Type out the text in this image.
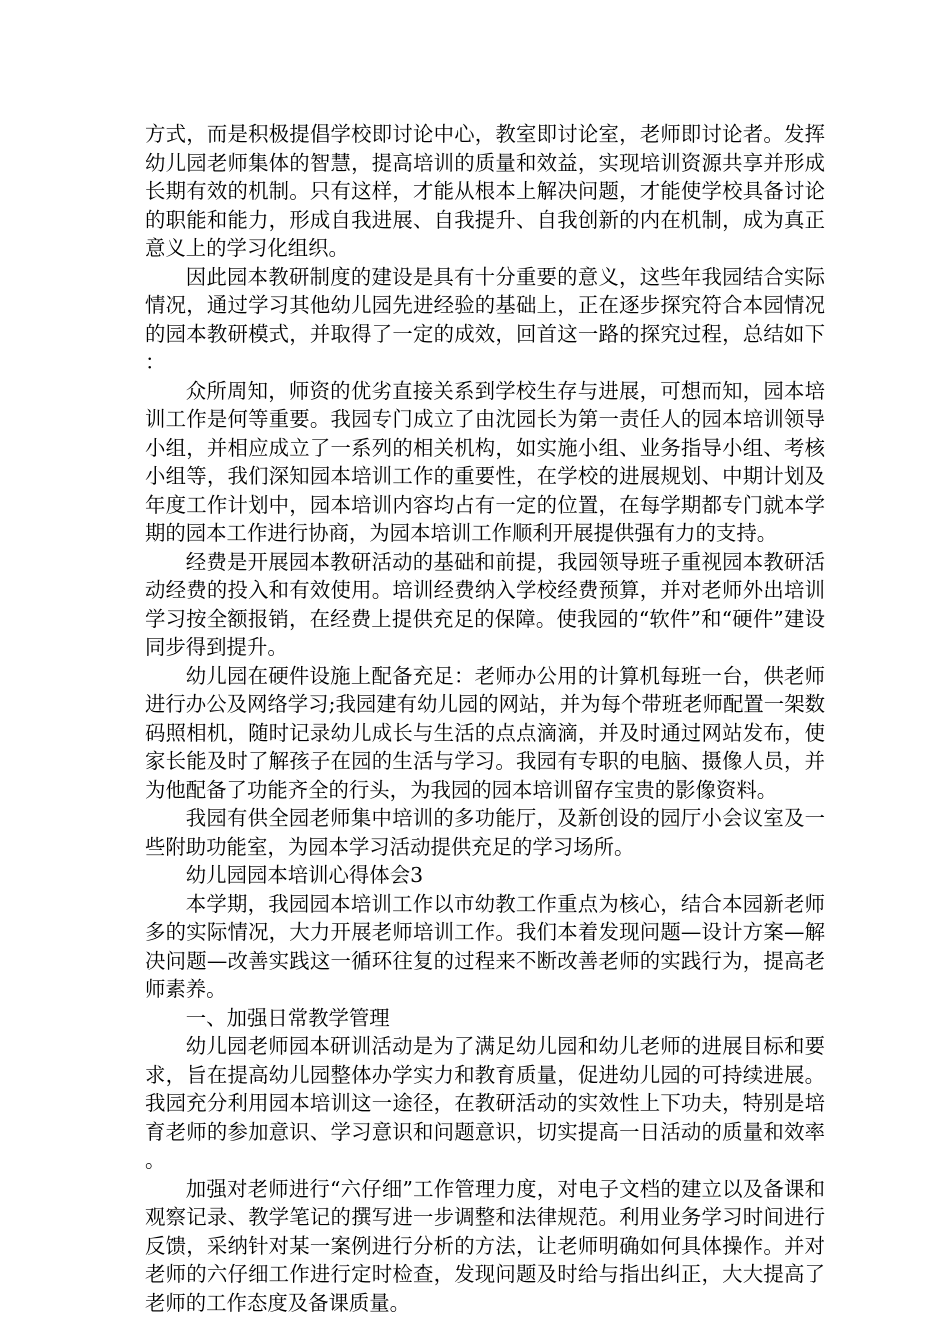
方式，而是积极提倡学校即讨论中心，教室即讨论室，老师即讨论者。发挥幼儿园老师集体的智慧，提高培训的质量和效益，实现培训资源共享并形成长期有效的机制。只有这样，才能从根本上解决问题，才能使学校具备讨论的职能和能力，形成自我进展、自我提升、自我创新的内在机制，成为真正意义上的学习化组织。

因此园本教研制度的建设是具有十分重要的意义，这些年我园结合实际情况，通过学习其他幼儿园先进经验的基础上，正在逐步探究符合本园情况的园本教研模式，并取得了一定的成效，回首这一路的探究过程，总结如下：

众所周知，师资的优劣直接关系到学校生存与进展，可想而知，园本培训工作是何等重要。我园专门成立了由沈园长为第一责任人的园本培训领导小组，并相应成立了一系列的相关机构，如实施小组、业务指导小组、考核小组等，我们深知园本培训工作的重要性，在学校的进展规划、中期计划及年度工作计划中，园本培训内容均占有一定的位置，在每学期都专门就本学期的园本工作进行协商，为园本培训工作顺利开展提供强有力的支持。

经费是开展园本教研活动的基础和前提，我园领导班子重视园本教研活动经费的投入和有效使用。培训经费纳入学校经费预算，并对老师外出培训学习按全额报销，在经费上提供充足的保障。使我园的“软件”和“硬件”建设同步得到提升。

幼儿园在硬件设施上配备充足：老师办公用的计算机每班一台，供老师进行办公及网络学习;我园建有幼儿园的网站，并为每个带班老师配置一架数码照相机，随时记录幼儿成长与生活的点点滴滴，并及时通过网站发布，使家长能及时了解孩子在园的生活与学习。我园有专职的电脑、摄像人员，并为他配备了功能齐全的行头，为我园的园本培训留存宝贵的影像资料。

我园有供全园老师集中培训的多功能厅，及新创设的园厅小会议室及一些附助功能室，为园本学习活动提供充足的学习场所。

幼儿园园本培训心得体会3

本学期，我园园本培训工作以市幼教工作重点为核心，结合本园新老师多的实际情况，大力开展老师培训工作。我们本着发现问题—设计方案—解决问题—改善实践这一循环往复的过程来不断改善老师的实践行为，提高老师素养。

一、加强日常教学管理

幼儿园老师园本研训活动是为了满足幼儿园和幼儿老师的进展目标和要求，旨在提高幼儿园整体办学实力和教育质量，促进幼儿园的可持续进展。我园充分利用园本培训这一途径，在教研活动的实效性上下功夫，特别是培育老师的参加意识、学习意识和问题意识，切实提高一日活动的质量和效率。

加强对老师进行“六仔细”工作管理力度，对电子文档的建立以及备课和观察记录、教学笔记的撰写进一步调整和法律规范。利用业务学习时间进行反馈，采纳针对某一案例进行分析的方法，让老师明确如何具体操作。并对老师的六仔细工作进行定时检查，发现问题及时给与指出纠正，大大提高了老师的工作态度及备课质量。
